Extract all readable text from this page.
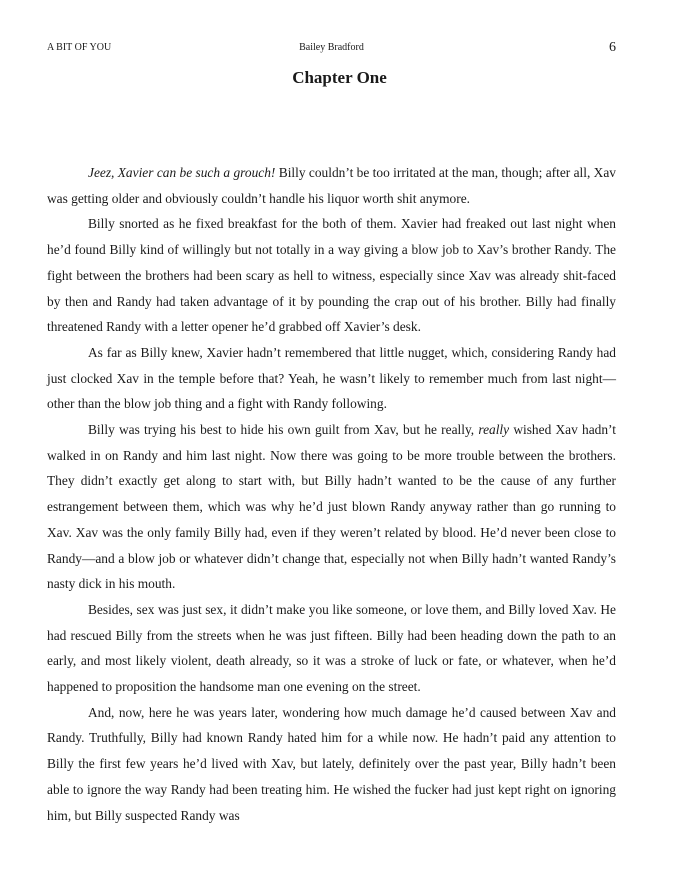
A BIT OF YOU	Bailey Bradford	6
Chapter One

Jeez, Xavier can be such a grouch! Billy couldn’t be too irritated at the man, though; after all, Xav was getting older and obviously couldn’t handle his liquor worth shit anymore.

Billy snorted as he fixed breakfast for the both of them. Xavier had freaked out last night when he’d found Billy kind of willingly but not totally in a way giving a blow job to Xav’s brother Randy. The fight between the brothers had been scary as hell to witness, especially since Xav was already shit-faced by then and Randy had taken advantage of it by pounding the crap out of his brother. Billy had finally threatened Randy with a letter opener he’d grabbed off Xavier’s desk.

As far as Billy knew, Xavier hadn’t remembered that little nugget, which, considering Randy had just clocked Xav in the temple before that? Yeah, he wasn’t likely to remember much from last night—other than the blow job thing and a fight with Randy following.

Billy was trying his best to hide his own guilt from Xav, but he really, really wished Xav hadn’t walked in on Randy and him last night. Now there was going to be more trouble between the brothers. They didn’t exactly get along to start with, but Billy hadn’t wanted to be the cause of any further estrangement between them, which was why he’d just blown Randy anyway rather than go running to Xav. Xav was the only family Billy had, even if they weren’t related by blood. He’d never been close to Randy—and a blow job or whatever didn’t change that, especially not when Billy hadn’t wanted Randy’s nasty dick in his mouth.

Besides, sex was just sex, it didn’t make you like someone, or love them, and Billy loved Xav. He had rescued Billy from the streets when he was just fifteen. Billy had been heading down the path to an early, and most likely violent, death already, so it was a stroke of luck or fate, or whatever, when he’d happened to proposition the handsome man one evening on the street.

And, now, here he was years later, wondering how much damage he’d caused between Xav and Randy. Truthfully, Billy had known Randy hated him for a while now. He hadn’t paid any attention to Billy the first few years he’d lived with Xav, but lately, definitely over the past year, Billy hadn’t been able to ignore the way Randy had been treating him. He wished the fucker had just kept right on ignoring him, but Billy suspected Randy was
